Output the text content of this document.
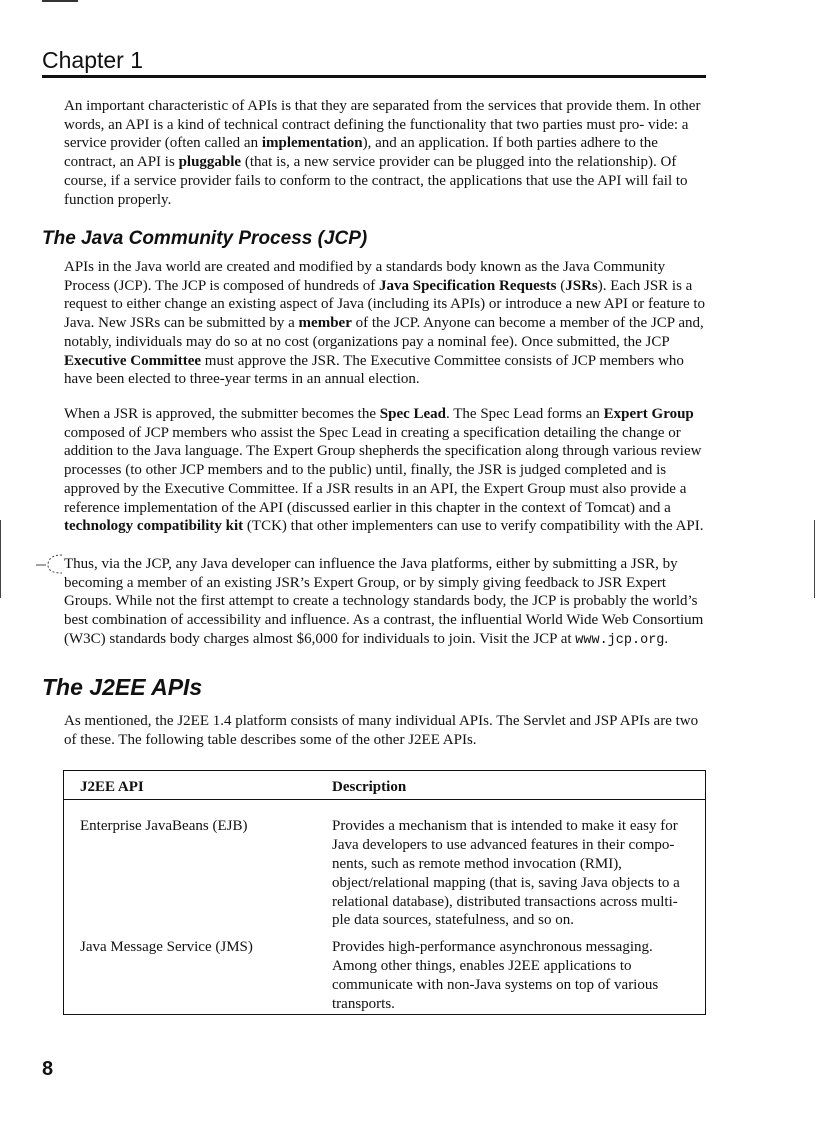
Chapter 1

An important characteristic of APIs is that they are separated from the services that provide them. In other words, an API is a kind of technical contract defining the functionality that two parties must pro- vide: a service provider (often called an implementation), and an application. If both parties adhere to the contract, an API is pluggable (that is, a new service provider can be plugged into the relationship). Of course, if a service provider fails to conform to the contract, the applications that use the API will fail to function properly.

The Java Community Process (JCP)

APIs in the Java world are created and modified by a standards body known as the Java Community Process (JCP). The JCP is composed of hundreds of Java Specification Requests (JSRs). Each JSR is a request to either change an existing aspect of Java (including its APIs) or introduce a new API or feature to Java. New JSRs can be submitted by a member of the JCP. Anyone can become a member of the JCP and, notably, individuals may do so at no cost (organizations pay a nominal fee). Once submitted, the JCP Executive Committee must approve the JSR. The Executive Committee consists of JCP members who have been elected to three-year terms in an annual election.

When a JSR is approved, the submitter becomes the Spec Lead. The Spec Lead forms an Expert Group composed of JCP members who assist the Spec Lead in creating a specification detailing the change or addition to the Java language. The Expert Group shepherds the specification along through various review processes (to other JCP members and to the public) until, finally, the JSR is judged completed and is approved by the Executive Committee. If a JSR results in an API, the Expert Group must also provide a reference implementation of the API (discussed earlier in this chapter in the context of Tomcat) and a technology compatibility kit (TCK) that other implementers can use to verify compatibility with the API.

Thus, via the JCP, any Java developer can influence the Java platforms, either by submitting a JSR, by becoming a member of an existing JSR’s Expert Group, or by simply giving feedback to JSR Expert Groups. While not the first attempt to create a technology standards body, the JCP is probably the world’s best combination of accessibility and influence. As a contrast, the influential World Wide Web Consortium (W3C) standards body charges almost $6,000 for individuals to join. Visit the JCP at www.jcp.org.

The J2EE APIs

As mentioned, the J2EE 1.4 platform consists of many individual APIs. The Servlet and JSP APIs are two of these. The following table describes some of the other J2EE APIs.

J2EE API	Description
Enterprise JavaBeans (EJB)	Provides a mechanism that is intended to make it easy for Java developers to use advanced features in their compo- nents, such as remote method invocation (RMI), object/relational mapping (that is, saving Java objects to a relational database), distributed transactions across multi- ple data sources, statefulness, and so on.
Java Message Service (JMS)	Provides high-performance asynchronous messaging. Among other things, enables J2EE applications to communicate with non-Java systems on top of various transports.
8
